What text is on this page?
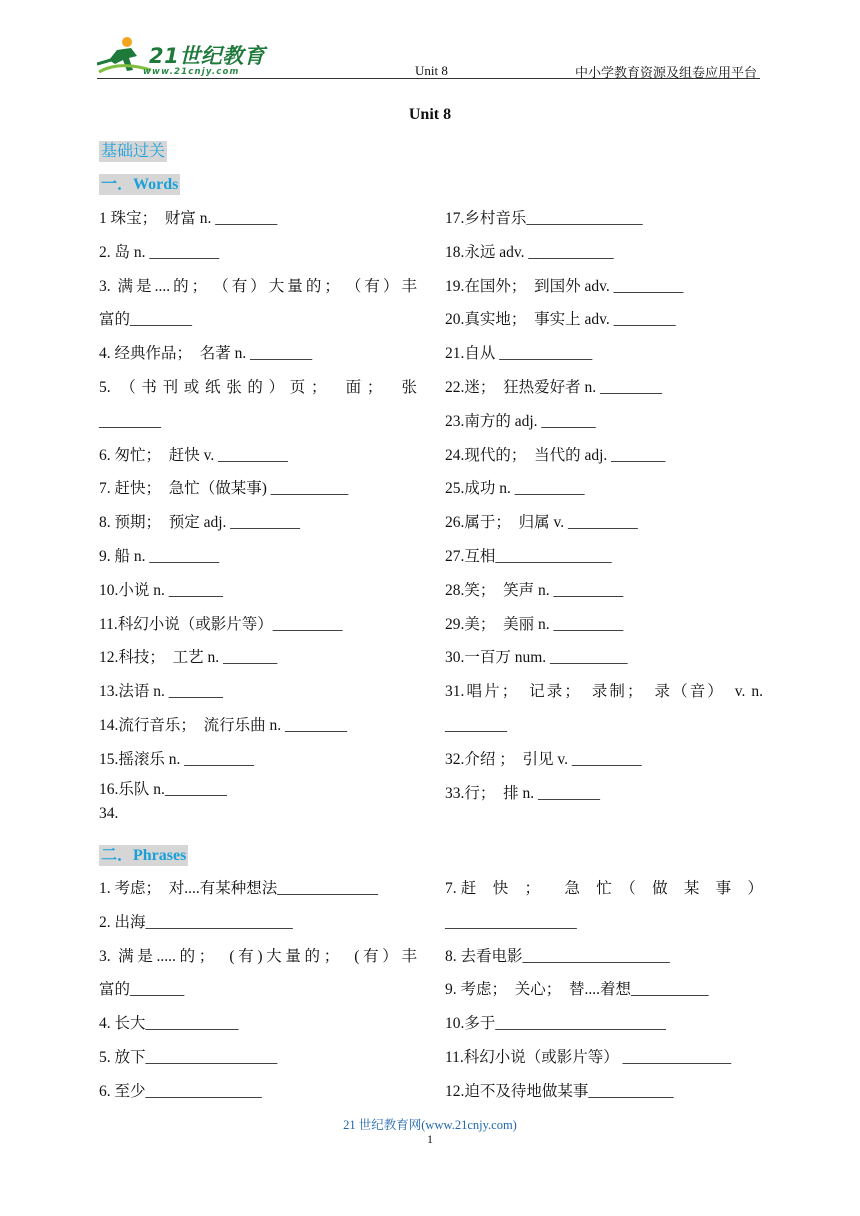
21世纪教育
www.21cnjy.com	Unit 8	中小学教育资源及组卷应用平台
Unit 8
基础过关
一．Words
1 珠宝；　财富 n. ________
2. 岛 n. _________
3. 满是....的；　（有）大量的；　（有）丰
富的________
4. 经典作品；　名著 n. ________
5. （书刊或纸张的）页；　面；　张
________
6. 匆忙；　赶快 v. _________
7. 赶快；　急忙（做某事) __________
8. 预期；　预定 adj. _________
9. 船 n. _________
10.小说 n. _______
11.科幻小说（或影片等）_________
12.科技；　工艺 n. _______
13.法语 n. _______
14.流行音乐；　流行乐曲 n. ________
15.摇滚乐 n. _________
16.乐队 n.________
34.
17.乡村音乐_______________
18.永远 adv. ___________
19.在国外；　到国外 adv. _________
20.真实地；　事实上 adv. ________
21.自从 ____________
22.迷；　狂热爱好者 n. ________
23.南方的 adj. _______
24.现代的；　当代的 adj. _______
25.成功 n. _________
26.属于；　归属 v. _________
27.互相_______________
28.笑；　笑声 n. _________
29.美；　美丽 n. _________
30.一百万 num. __________
31.唱片；　记录；　录制；　录（音）　v. n.
________
32.介绍 ；　引见 v. _________
33.行；　排 n. ________
二．Phrases
1. 考虑；　对....有某种想法_____________
2. 出海___________________
3. 满是.....的；　(有)大量的；　(有）丰
富的_______
4. 长大____________
5. 放下_________________
6. 至少_______________
7. 赶　快　；　　急　忙　（　做　某　事　）
_________________
8. 去看电影___________________
9. 考虑；　关心；　替....着想__________
10.多于______________________
11.科幻小说（或影片等） ______________
12.迫不及待地做某事___________
21 世纪教育网(www.21cnjy.com)
1
